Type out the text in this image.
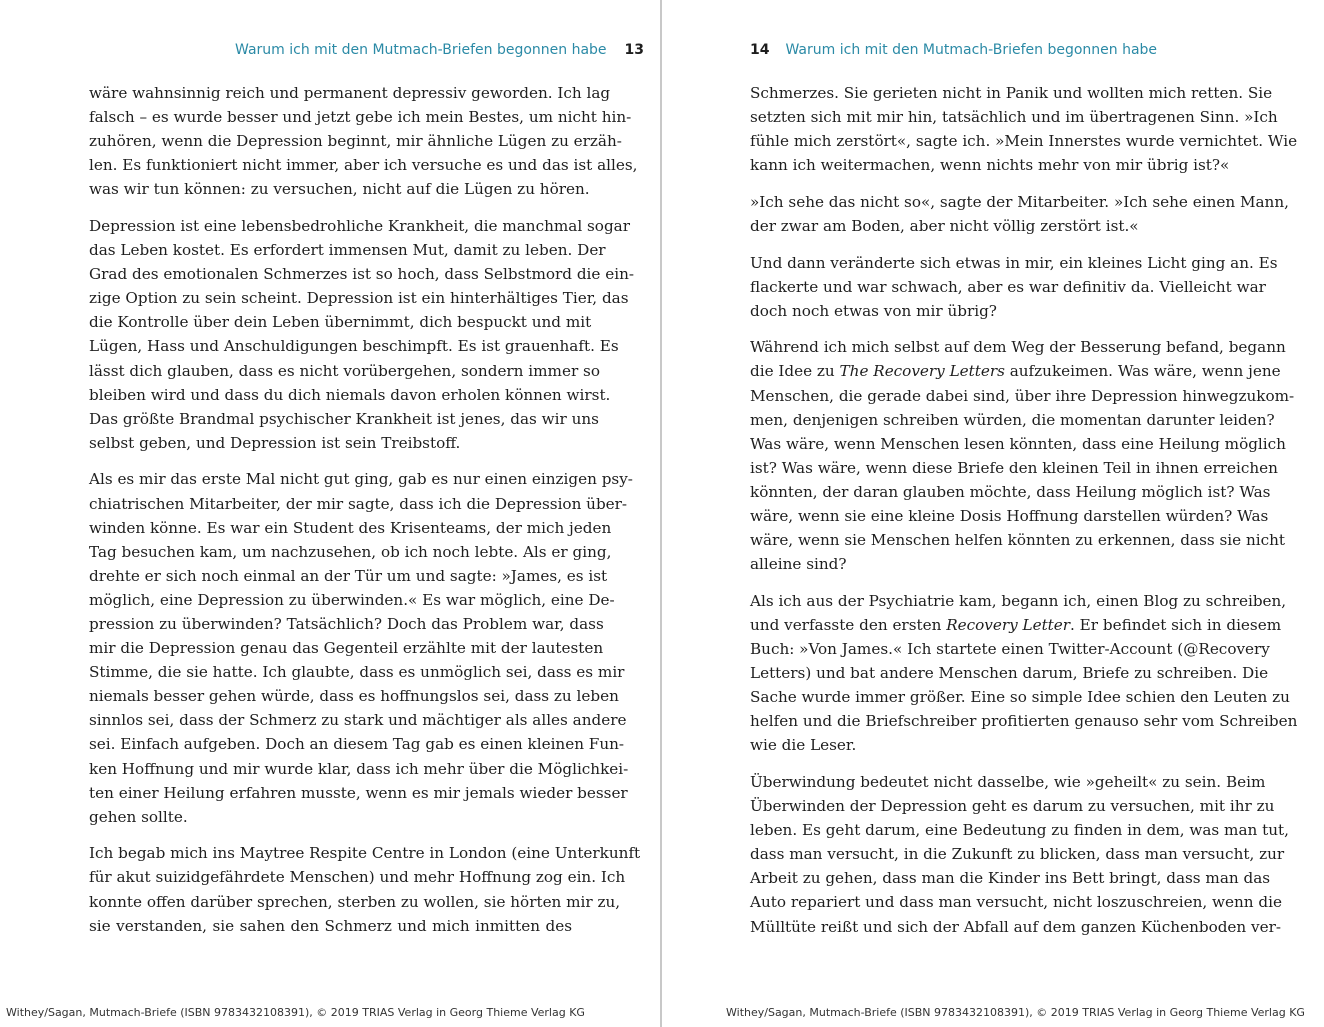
Warum ich mit den Mutmach-Briefen begonnen habe 13
wäre wahnsinnig reich und permanent depressiv geworden. Ich lag
falsch – es wurde besser und jetzt gebe ich mein Bestes, um nicht hin-
zuhören, wenn die Depression beginnt, mir ähnliche Lügen zu erzäh-
len. Es funktioniert nicht immer, aber ich versuche es und das ist alles,
was wir tun können: zu versuchen, nicht auf die Lügen zu hören.
Depression ist eine lebensbedrohliche Krankheit, die manchmal sogar
das Leben kostet. Es erfordert immensen Mut, damit zu leben. Der
Grad des emotionalen Schmerzes ist so hoch, dass Selbstmord die ein-
zige Option zu sein scheint. Depression ist ein hinterhältiges Tier, das
die Kontrolle über dein Leben übernimmt, dich bespuckt und mit
Lügen, Hass und Anschuldigungen beschimpft. Es ist grauenhaft. Es
lässt dich glauben, dass es nicht vorübergehen, sondern immer so
bleiben wird und dass du dich niemals davon erholen können wirst.
Das größte Brandmal psychischer Krankheit ist jenes, das wir uns
selbst geben, und Depression ist sein Treibstoff.
Als es mir das erste Mal nicht gut ging, gab es nur einen einzigen psy-
chiatrischen Mitarbeiter, der mir sagte, dass ich die Depression über-
winden könne. Es war ein Student des Krisenteams, der mich jeden
Tag besuchen kam, um nachzusehen, ob ich noch lebte. Als er ging,
drehte er sich noch einmal an der Tür um und sagte: »James, es ist
möglich, eine Depression zu überwinden.« Es war möglich, eine De-
pression zu überwinden? Tatsächlich? Doch das Problem war, dass
mir die Depression genau das Gegenteil erzählte mit der lautesten
Stimme, die sie hatte. Ich glaubte, dass es unmöglich sei, dass es mir
niemals besser gehen würde, dass es hoffnungslos sei, dass zu leben
sinnlos sei, dass der Schmerz zu stark und mächtiger als alles andere
sei. Einfach aufgeben. Doch an diesem Tag gab es einen kleinen Fun-
ken Hoffnung und mir wurde klar, dass ich mehr über die Möglichkei-
ten einer Heilung erfahren musste, wenn es mir jemals wieder besser
gehen sollte.
Ich begab mich ins Maytree Respite Centre in London (eine Unterkunft
für akut suizidgefährdete Menschen) und mehr Hoffnung zog ein. Ich
konnte offen darüber sprechen, sterben zu wollen, sie hörten mir zu,
sie verstanden, sie sahen den Schmerz und mich inmitten des
Withey/Sagan, Mutmach-Briefe (ISBN 9783432108391), © 2019 TRIAS Verlag in Georg Thieme Verlag KG
14 Warum ich mit den Mutmach-Briefen begonnen habe
Schmerzes. Sie gerieten nicht in Panik und wollten mich retten. Sie
setzten sich mit mir hin, tatsächlich und im übertragenen Sinn. »Ich
fühle mich zerstört«, sagte ich. »Mein Innerstes wurde vernichtet. Wie
kann ich weitermachen, wenn nichts mehr von mir übrig ist?«
»Ich sehe das nicht so«, sagte der Mitarbeiter. »Ich sehe einen Mann,
der zwar am Boden, aber nicht völlig zerstört ist.«
Und dann veränderte sich etwas in mir, ein kleines Licht ging an. Es
flackerte und war schwach, aber es war definitiv da. Vielleicht war
doch noch etwas von mir übrig?
Während ich mich selbst auf dem Weg der Besserung befand, begann
die Idee zu The Recovery Letters aufzukeimen. Was wäre, wenn jene
Menschen, die gerade dabei sind, über ihre Depression hinwegzukom-
men, denjenigen schreiben würden, die momentan darunter leiden?
Was wäre, wenn Menschen lesen könnten, dass eine Heilung möglich
ist? Was wäre, wenn diese Briefe den kleinen Teil in ihnen erreichen
könnten, der daran glauben möchte, dass Heilung möglich ist? Was
wäre, wenn sie eine kleine Dosis Hoffnung darstellen würden? Was
wäre, wenn sie Menschen helfen könnten zu erkennen, dass sie nicht
alleine sind?
Als ich aus der Psychiatrie kam, begann ich, einen Blog zu schreiben,
und verfasste den ersten Recovery Letter. Er befindet sich in diesem
Buch: »Von James.« Ich startete einen Twitter-Account (@Recovery
Letters) und bat andere Menschen darum, Briefe zu schreiben. Die
Sache wurde immer größer. Eine so simple Idee schien den Leuten zu
helfen und die Briefschreiber profitierten genauso sehr vom Schreiben
wie die Leser.
Überwindung bedeutet nicht dasselbe, wie »geheilt« zu sein. Beim
Überwinden der Depression geht es darum zu versuchen, mit ihr zu
leben. Es geht darum, eine Bedeutung zu finden in dem, was man tut,
dass man versucht, in die Zukunft zu blicken, dass man versucht, zur
Arbeit zu gehen, dass man die Kinder ins Bett bringt, dass man das
Auto repariert und dass man versucht, nicht loszuschreien, wenn die
Mülltüte reißt und sich der Abfall auf dem ganzen Küchenboden ver-
Withey/Sagan, Mutmach-Briefe (ISBN 9783432108391), © 2019 TRIAS Verlag in Georg Thieme Verlag KG
